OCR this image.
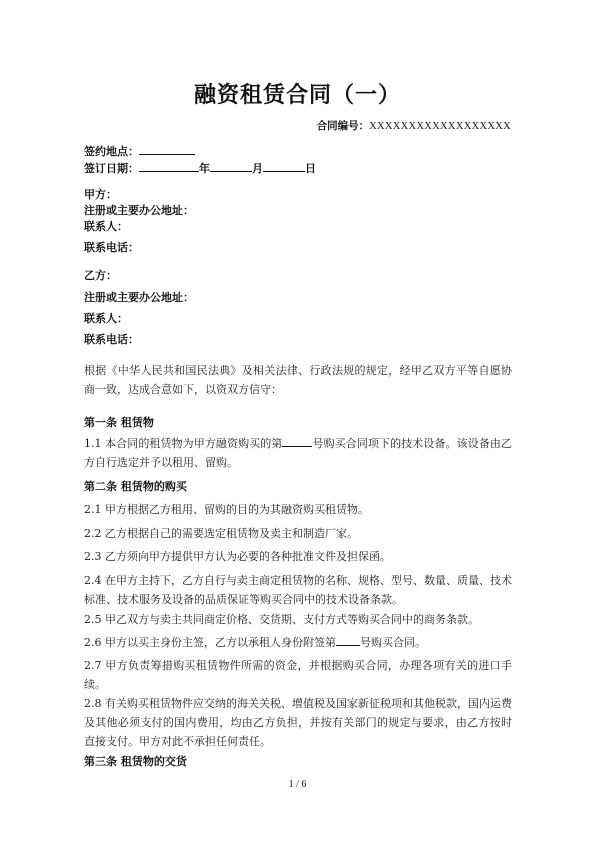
融资租赁合同（一）
合同编号：XXXXXXXXXXXXXXXXXX
签约地点：
签订日期：	年	月	日
甲方：
注册或主要办公地址：
联系人：
联系电话：
乙方：
注册或主要办公地址：
联系人：
联系电话：
根据《中华人民共和国民法典》及相关法律、行政法规的规定，经甲乙双方平等自愿协商一致，达成合意如下，以资双方信守：
第一条 租赁物
1.1 本合同的租赁物为甲方融资购买的第	号购买合同项下的技术设备。该设备由乙方自行选定并予以租用、留购。
第二条 租赁物的购买
2.1 甲方根据乙方租用、留购的目的为其融资购买租赁物。
2.2 乙方根据自己的需要选定租赁物及卖主和制造厂家。
2.3 乙方须向甲方提供甲方认为必要的各种批准文件及担保函。
2.4 在甲方主持下，乙方自行与卖主商定租赁物的名称、规格、型号、数量、质量、技术标准、技术服务及设备的品质保证等购买合同中的技术设备条款。
2.5 甲乙双方与卖主共同商定价格、交货期、支付方式等购买合同中的商务条款。
2.6 甲方以买主身份主签，乙方以承租人身份附签第 号购买合同。
2.7 甲方负责筹措购买租赁物件所需的资金，并根据购买合同，办理各项有关的进口手续。
2.8 有关购买租赁物件应交纳的海关关税、增值税及国家新征税项和其他税款，国内运费及其他必须支付的国内费用，均由乙方负担，并按有关部门的规定与要求，由乙方按时直接支付。甲方对此不承担任何责任。
第三条 租赁物的交货
1 / 6
